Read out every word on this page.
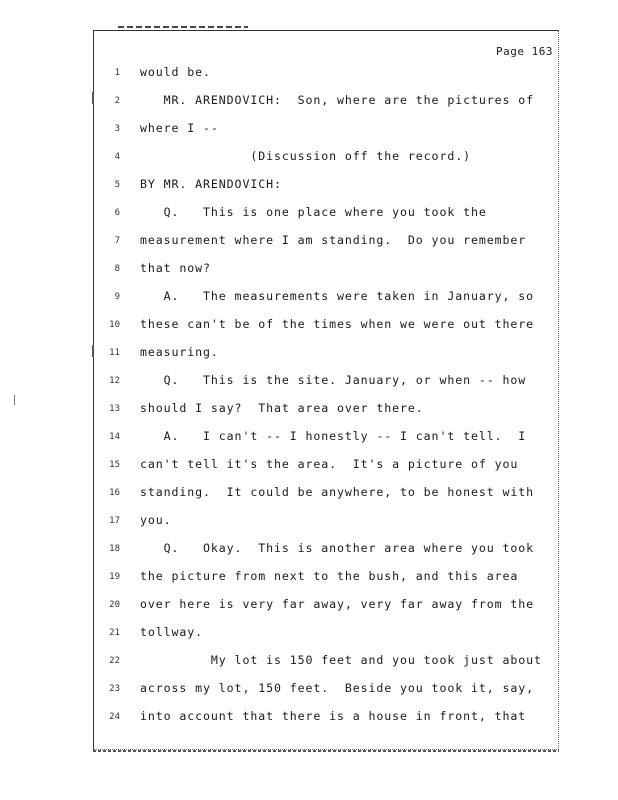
Page 163
1 would be.
2 MR. ARENDOVICH:  Son, where are the pictures of
3 where I --
4 (Discussion off the record.)
5 BY MR. ARENDOVICH:
6 Q.   This is one place where you took the
7 measurement where I am standing.  Do you remember
8 that now?
9 A.   The measurements were taken in January, so
10 these can't be of the times when we were out there
11 measuring.
12 Q.   This is the site. January, or when -- how
13 should I say?  That area over there.
14 A.   I can't -- I honestly -- I can't tell.  I
15 can't tell it's the area.  It's a picture of you
16 standing.  It could be anywhere, to be honest with
17 you.
18 Q.   Okay.  This is another area where you took
19 the picture from next to the bush, and this area
20 over here is very far away, very far away from the
21 tollway.
22 My lot is 150 feet and you took just about
23 across my lot, 150 feet.  Beside you took it, say,
24 into account that there is a house in front, that
